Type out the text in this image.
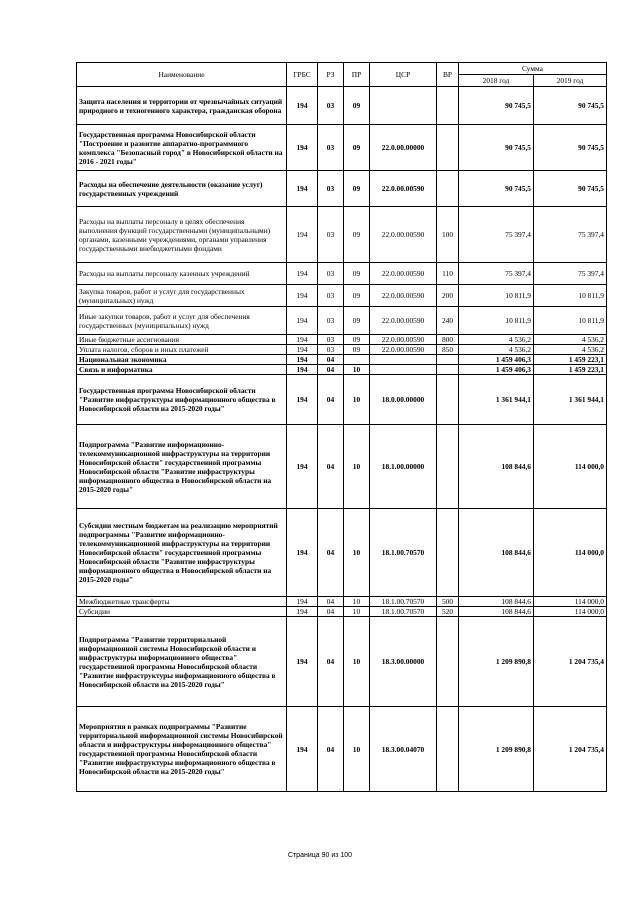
Наименование	ГРБС	РЗ	ПР	ЦСР	ВР	Сумма	
						2018 год	2019 год
Защита населения и территории от чрезвычайных ситуаций природного и техногенного характера, гражданская оборона	194	03	09			90 745,5	90 745,5
Государственная программа Новосибирской области "Построение и развитие аппаратно-программного комплекса "Безопасный город" в Новосибирской области на 2016 - 2021 годы"	194	03	09	22.0.00.00000		90 745,5	90 745,5
Расходы на обеспечение деятельности (оказание услуг) государственных учреждений	194	03	09	22.0.00.00590		90 745,5	90 745,5
Расходы на выплаты персоналу в целях обеспечения выполнения функций государственными (муниципальными) органами, казенными учреждениями, органами управления государственными внебюджетными фондами	194	03	09	22.0.00.00590	100	75 397,4	75 397,4
Расходы на выплаты персоналу казенных учреждений	194	03	09	22.0.00.00590	110	75 397,4	75 397,4
Закупка товаров, работ и услуг для государственных (муниципальных) нужд	194	03	09	22.0.00.00590	200	10 811,9	10 811,9
Иные закупки товаров, работ и услуг для обеспечения государственных (муниципальных) нужд	194	03	09	22.0.00.00590	240	10 811,9	10 811,9
Иные бюджетные ассигнования	194	03	09	22.0.00.00590	800	4 536,2	4 536,2
Уплата налогов, сборов и иных платежей	194	03	09	22.0.00.00590	850	4 536,2	4 536,2
Национальная экономика	194	04				1 459 406,3	1 459 223,1
Связь и информатика	194	04	10			1 459 406,3	1 459 223,1
Государственная программа Новосибирской области "Развитие инфраструктуры информационного общества в Новосибирской области на 2015-2020 годы"	194	04	10	18.0.00.00000		1 361 944,1	1 361 944,1
Подпрограмма "Развитие информационно-телекоммуникационной инфраструктуры на территории Новосибирской области" государственной программы Новосибирской области "Развитие инфраструктуры информационного общества в Новосибирской области на 2015-2020 годы"	194	04	10	18.1.00.00000		108 844,6	114 000,0
Субсидии местным бюджетам на реализацию мероприятий подпрограммы "Развитие информационно-телекоммуникационной инфраструктуры на территории Новосибирской области" государственной программы Новосибирской области "Развитие инфраструктуры информационного общества в Новосибирской области на 2015-2020 годы"	194	04	10	18.1.00.70570		108 844,6	114 000,0
Межбюджетные трансферты	194	04	10	18.1.00.70570	500	108 844,6	114 000,0
Субсидии	194	04	10	18.1.00.70570	520	108 844,6	114 000,0
Подпрограмма "Развитие территориальной информационной системы Новосибирской области и инфраструктуры информационного общества" государственной программы Новосибирской области "Развитие инфраструктуры информационного общества в Новосибирской области на 2015-2020 годы"	194	04	10	18.3.00.00000		1 209 890,8	1 204 735,4
Мероприятия в рамках подпрограммы "Развитие территориальной информационной системы Новосибирской области и инфраструктуры информационного общества" государственной программы Новосибирской области "Развитие инфраструктуры информационного общества в Новосибирской области на 2015-2020 годы"	194	04	10	18.3.00.04070		1 209 890,8	1 204 735,4
Страница 90 из 100
